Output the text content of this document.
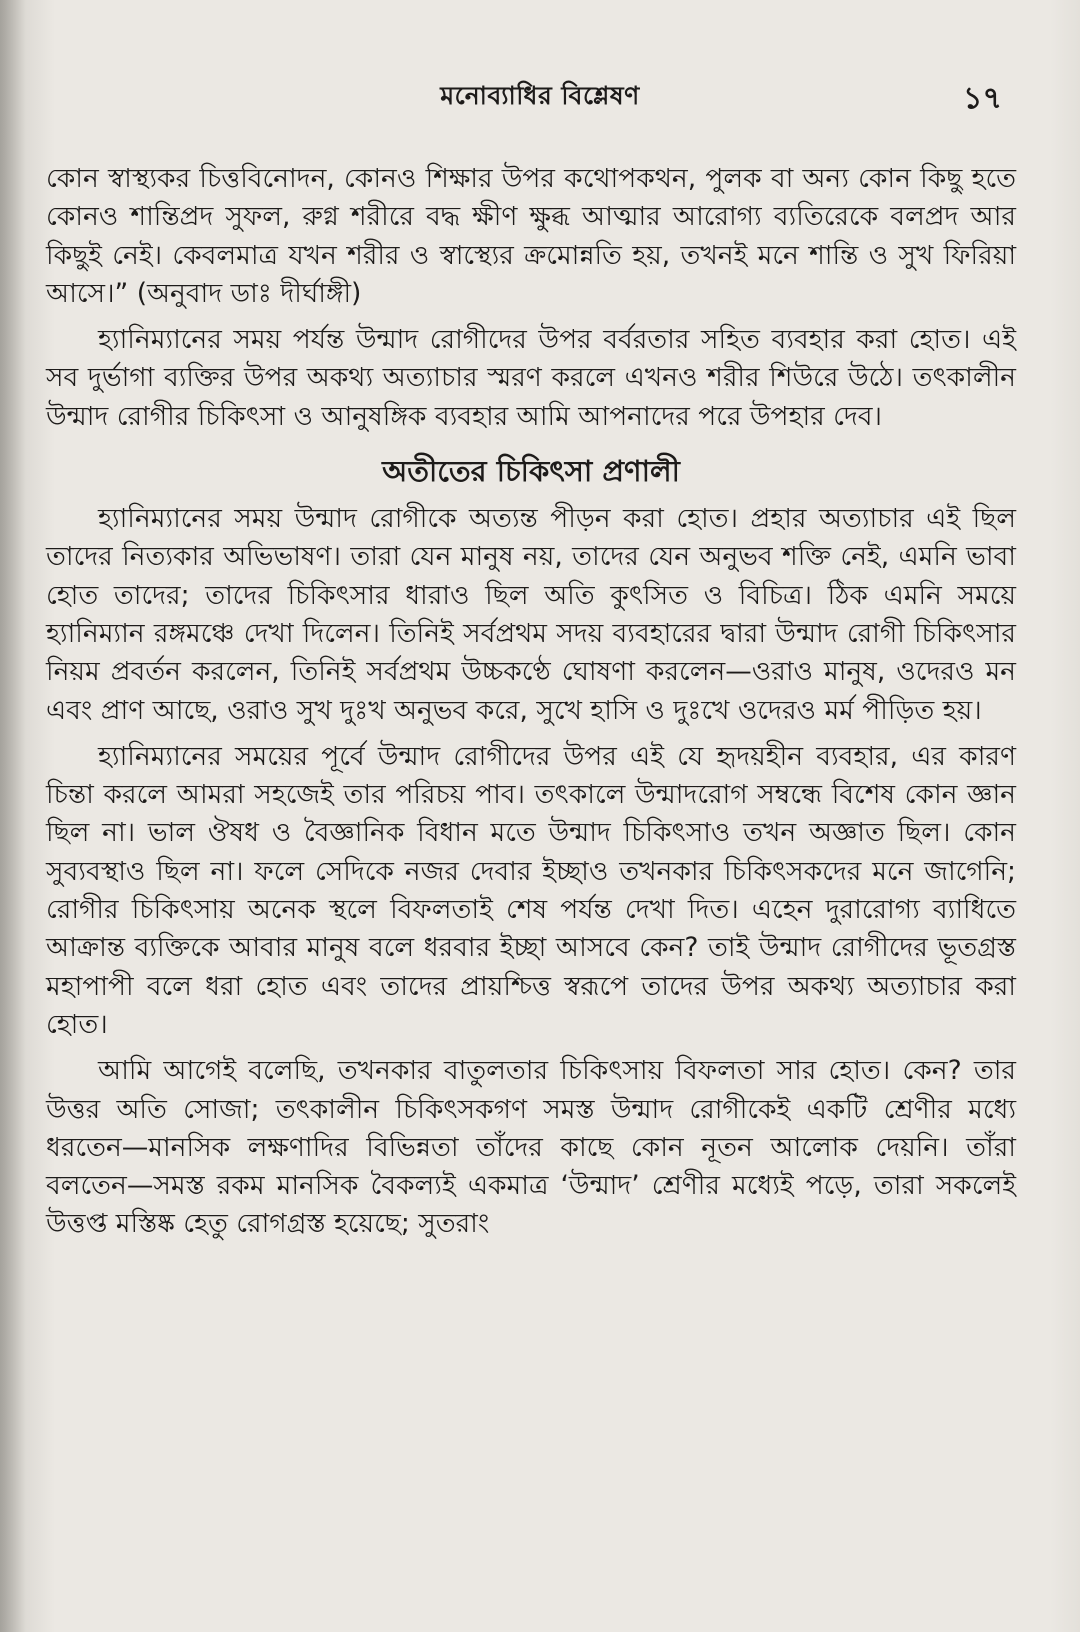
মনোব্যাধির বিশ্লেষণ	১৭

কোন স্বাস্থ্যকর চিত্তবিনোদন, কোনও শিক্ষার উপর কথোপকথন, পুলক বা অন্য কোন কিছু হতে কোনও শান্তিপ্রদ সুফল, রুগ্ন শরীরে বদ্ধ ক্ষীণ ক্ষুব্ধ আত্মার আরোগ্য ব্যতিরেকে বলপ্রদ আর কিছুই নেই। কেবলমাত্র যখন শরীর ও স্বাস্থ্যের ক্রমোন্নতি হয়, তখনই মনে শান্তি ও সুখ ফিরিয়া আসে।” (অনুবাদ ডাঃ দীর্ঘাঙ্গী)

হ্যানিম্যানের সময় পর্যন্ত উন্মাদ রোগীদের উপর বর্বরতার সহিত ব্যবহার করা হোত। এই সব দুর্ভাগা ব্যক্তির উপর অকথ্য অত্যাচার স্মরণ করলে এখনও শরীর শিউরে উঠে। তৎকালীন উন্মাদ রোগীর চিকিৎসা ও আনুষঙ্গিক ব্যবহার আমি আপনাদের পরে উপহার দেব।

অতীতের চিকিৎসা প্রণালী

হ্যানিম্যানের সময় উন্মাদ রোগীকে অত্যন্ত পীড়ন করা হোত। প্রহার অত্যাচার এই ছিল তাদের নিত্যকার অভিভাষণ। তারা যেন মানুষ নয়, তাদের যেন অনুভব শক্তি নেই, এমনি ভাবা হোত তাদের; তাদের চিকিৎসার ধারাও ছিল অতি কুৎসিত ও বিচিত্র। ঠিক এমনি সময়ে হ্যানিম্যান রঙ্গমঞ্চে দেখা দিলেন। তিনিই সর্বপ্রথম সদয় ব্যবহারের দ্বারা উন্মাদ রোগী চিকিৎসার নিয়ম প্রবর্তন করলেন, তিনিই সর্বপ্রথম উচ্চকণ্ঠে ঘোষণা করলেন—ওরাও মানুষ, ওদেরও মন এবং প্রাণ আছে, ওরাও সুখ দুঃখ অনুভব করে, সুখে হাসি ও দুঃখে ওদেরও মর্ম পীড়িত হয়।

হ্যানিম্যানের সময়ের পূর্বে উন্মাদ রোগীদের উপর এই যে হৃদয়হীন ব্যবহার, এর কারণ চিন্তা করলে আমরা সহজেই তার পরিচয় পাব। তৎকালে উন্মাদরোগ সম্বন্ধে বিশেষ কোন জ্ঞান ছিল না। ভাল ঔষধ ও বৈজ্ঞানিক বিধান মতে উন্মাদ চিকিৎসাও তখন অজ্ঞাত ছিল। কোন সুব্যবস্থাও ছিল না। ফলে সেদিকে নজর দেবার ইচ্ছাও তখনকার চিকিৎসকদের মনে জাগেনি; রোগীর চিকিৎসায় অনেক স্থলে বিফলতাই শেষ পর্যন্ত দেখা দিত। এহেন দুরারোগ্য ব্যাধিতে আক্রান্ত ব্যক্তিকে আবার মানুষ বলে ধরবার ইচ্ছা আসবে কেন? তাই উন্মাদ রোগীদের ভূতগ্রস্ত মহাপাপী বলে ধরা হোত এবং তাদের প্রায়শ্চিত্ত স্বরূপে তাদের উপর অকথ্য অত্যাচার করা হোত।

আমি আগেই বলেছি, তখনকার বাতুলতার চিকিৎসায় বিফলতা সার হোত। কেন? তার উত্তর অতি সোজা; তৎকালীন চিকিৎসকগণ সমস্ত উন্মাদ রোগীকেই একটি শ্রেণীর মধ্যে ধরতেন—মানসিক লক্ষণাদির বিভিন্নতা তাঁদের কাছে কোন নূতন আলোক দেয়নি। তাঁরা বলতেন—সমস্ত রকম মানসিক বৈকল্যই একমাত্র ‘উন্মাদ’ শ্রেণীর মধ্যেই পড়ে, তারা সকলেই উত্তপ্ত মস্তিষ্ক হেতু রোগগ্রস্ত হয়েছে; সুতরাং
